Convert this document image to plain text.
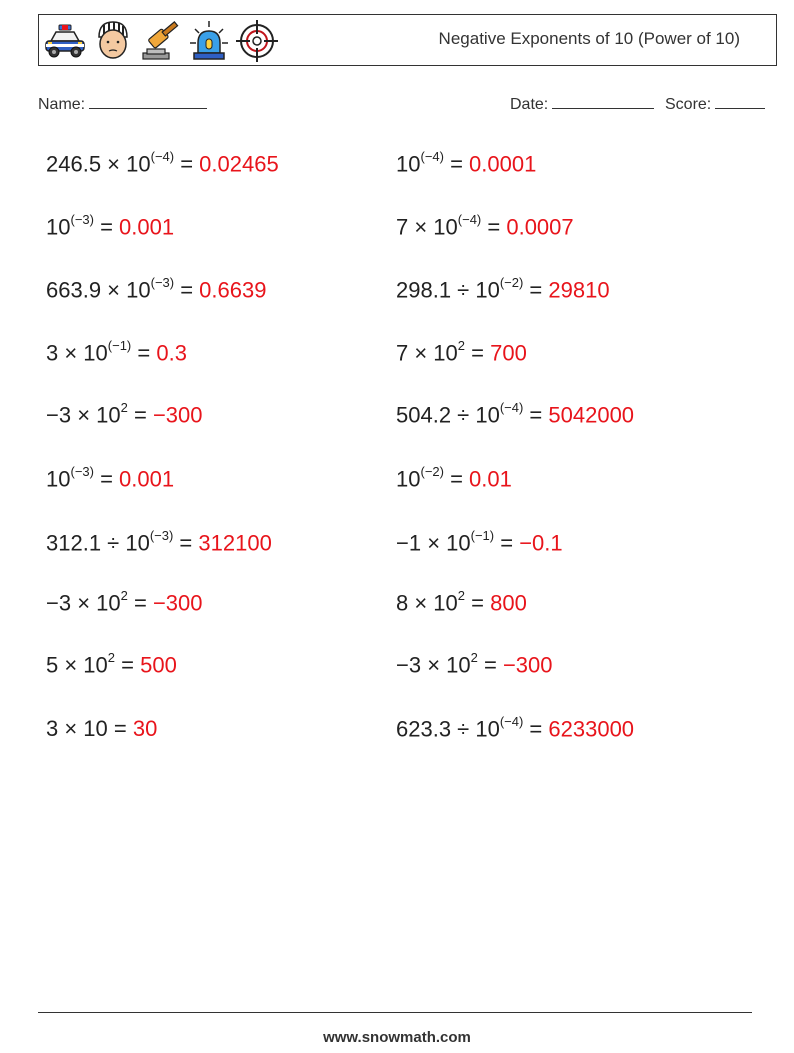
Negative Exponents of 10 (Power of 10)
Name:	Date:	Score:
$246.5 \times 10^{(-4)} = 0.02465$	$10^{(-4)} = 0.0001$
$10^{(-3)} = 0.001$	$7 \times 10^{(-4)} = 0.0007$
$663.9 \times 10^{(-3)} = 0.6639$	$298.1 \div 10^{(-2)} = 29810$
$3 \times 10^{(-1)} = 0.3$	$7 \times 10^2 = 700$
$-3 \times 10^2 = -300$	$504.2 \div 10^{(-4)} = 5042000$
$10^{(-3)} = 0.001$	$10^{(-2)} = 0.01$
$312.1 \div 10^{(-3)} = 312100$	$-1 \times 10^{(-1)} = -0.1$
$-3 \times 10^2 = -300$	$8 \times 10^2 = 800$
$5 \times 10^2 = 500$	$-3 \times 10^2 = -300$
3 × 10 = 30	$623.3 \div 10^{(-4)} = 6233000$
www.snowmath.com
